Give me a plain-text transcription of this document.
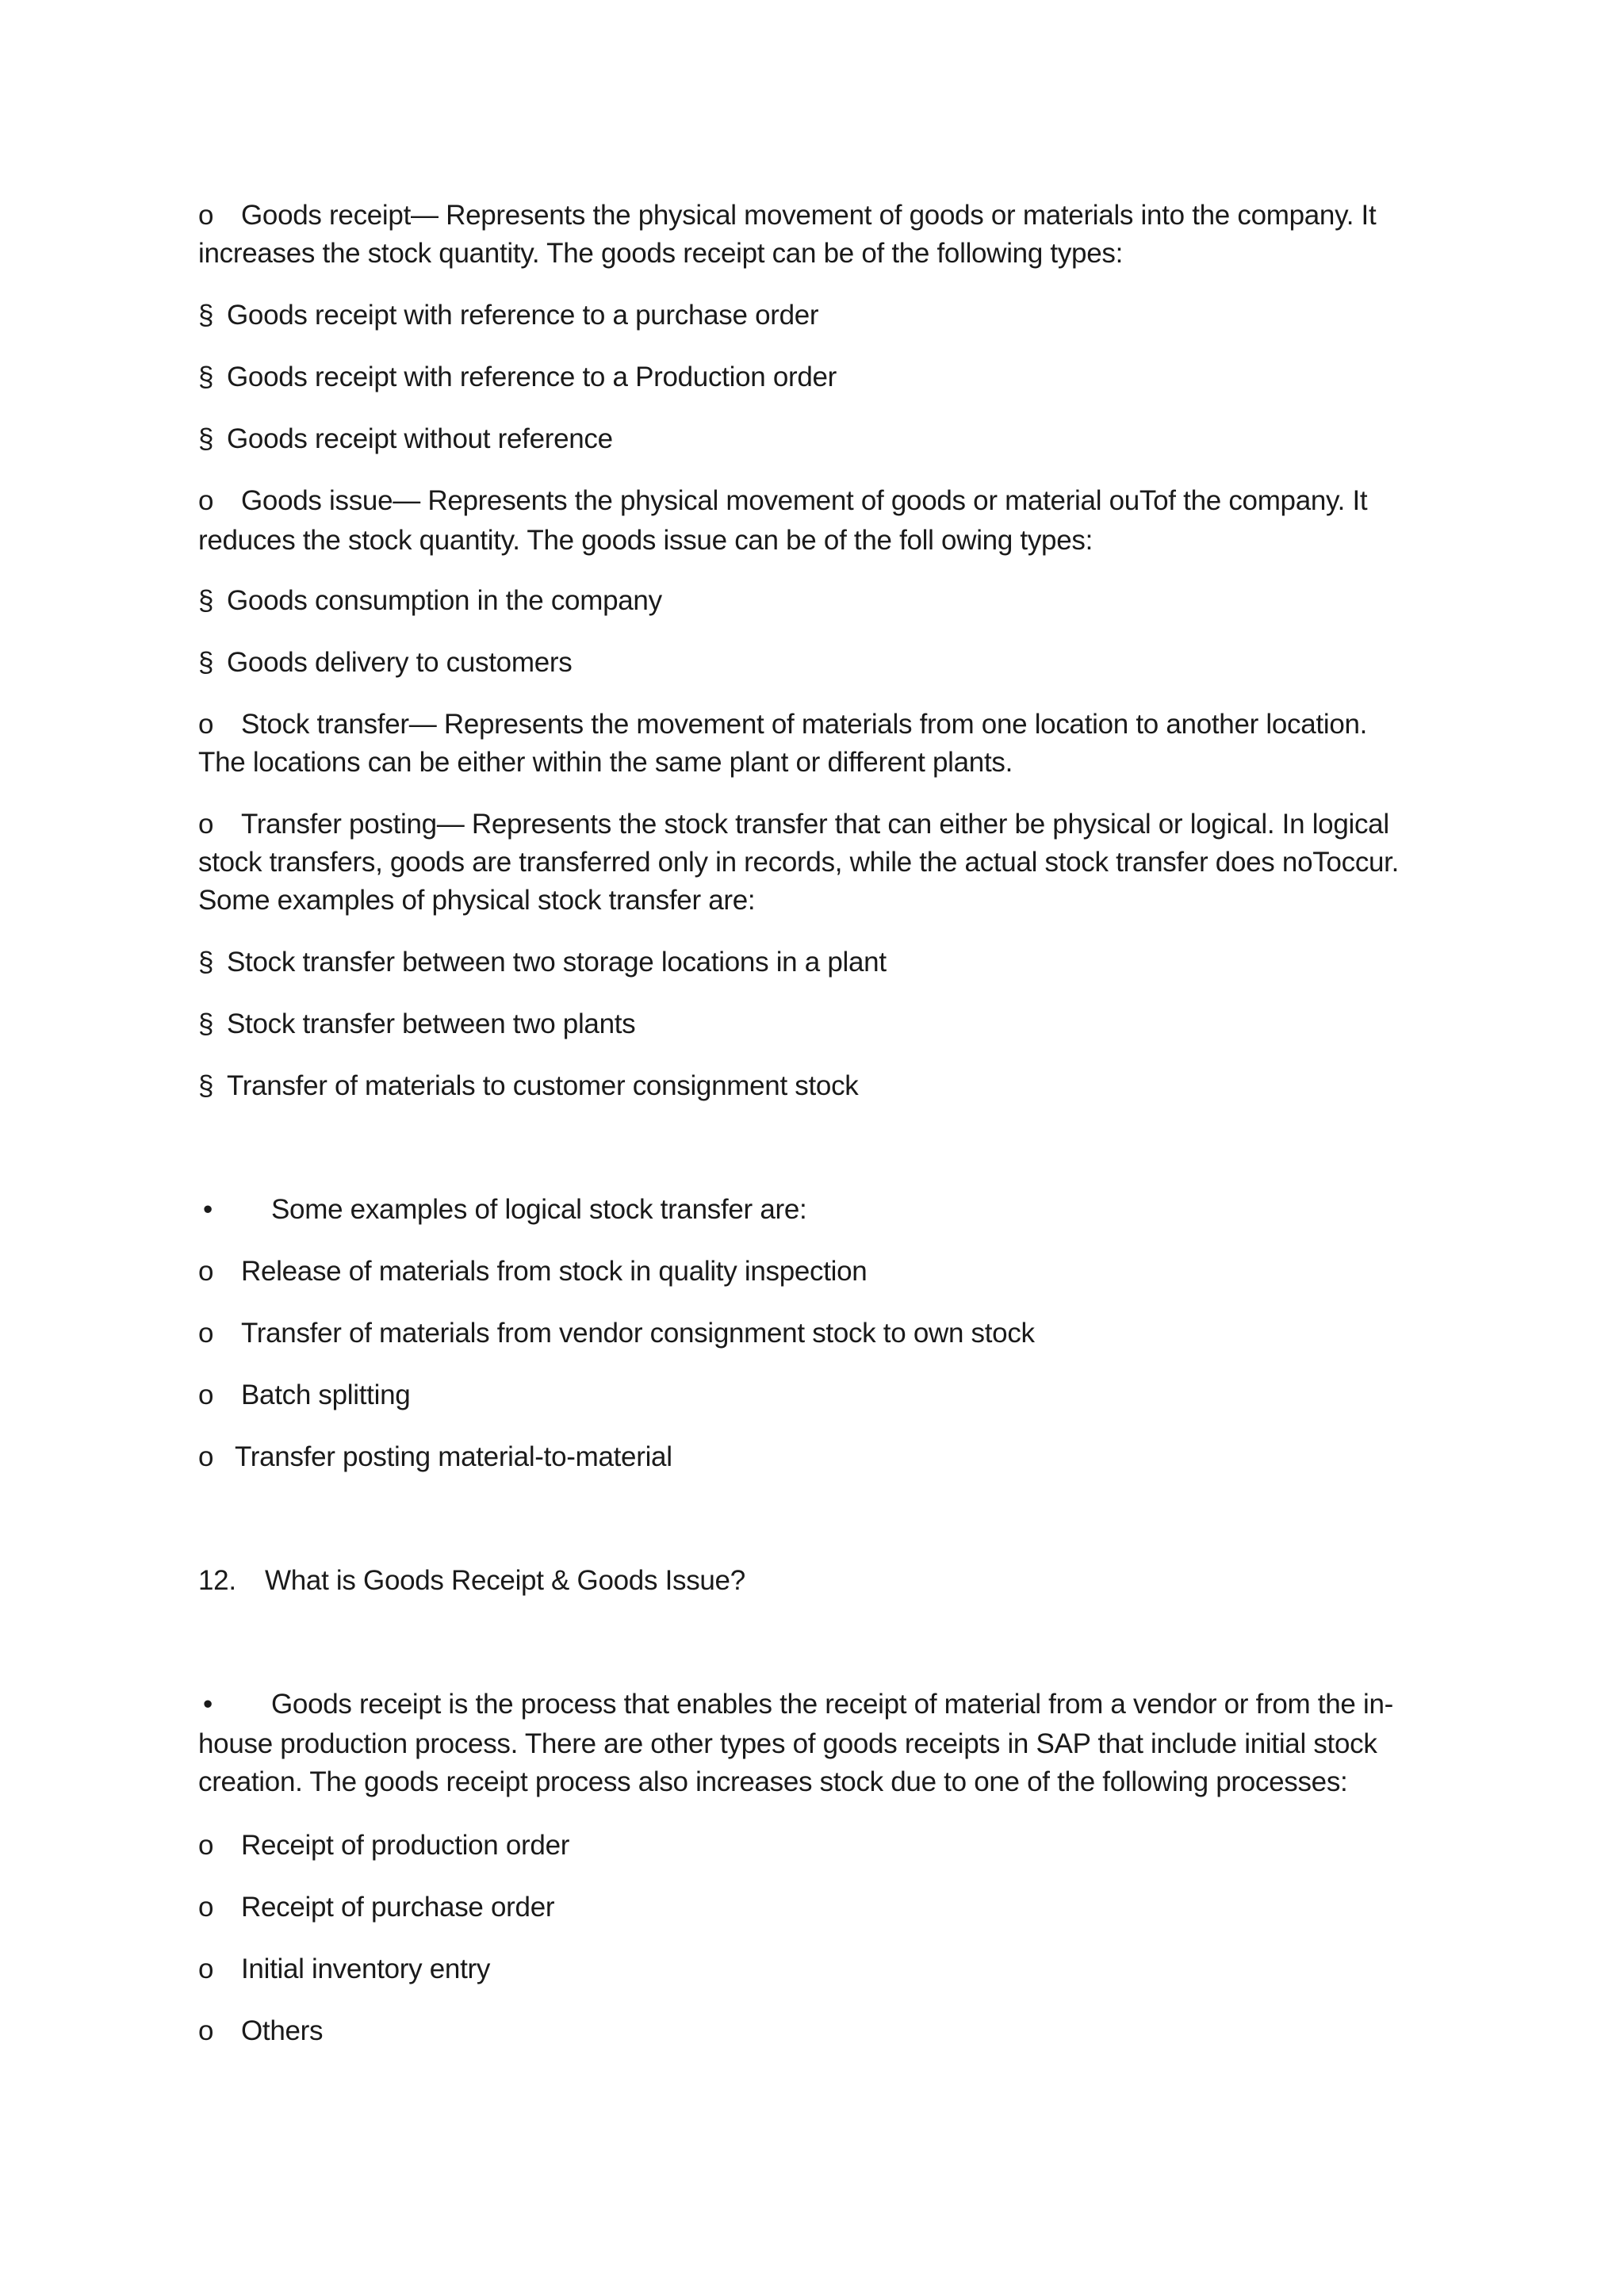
o Goods receipt— Represents the physical movement of goods or materials into the company. It
increases the stock quantity. The goods receipt can be of the following types:
§ Goods receipt with reference to a purchase order
§ Goods receipt with reference to a Production order
§ Goods receipt without reference
o Goods issue— Represents the physical movement of goods or material ouTof the company. It
reduces the stock quantity. The goods issue can be of the foll owing types:
§ Goods consumption in the company
§ Goods delivery to customers
o Stock transfer— Represents the movement of materials from one location to another location.
The locations can be either within the same plant or different plants.
o Transfer posting— Represents the stock transfer that can either be physical or logical. In logical
stock transfers, goods are transferred only in records, while the actual stock transfer does noToccur.
Some examples of physical stock transfer are:
§ Stock transfer between two storage locations in a plant
§ Stock transfer between two plants
§ Transfer of materials to customer consignment stock
• Some examples of logical stock transfer are:
o Release of materials from stock in quality inspection
o Transfer of materials from vendor consignment stock to own stock
o Batch splitting
o Transfer posting material-to-material
12. What is Goods Receipt & Goods Issue?
• Goods receipt is the process that enables the receipt of material from a vendor or from the in-
house production process. There are other types of goods receipts in SAP that include initial stock
creation. The goods receipt process also increases stock due to one of the following processes:
o Receipt of production order
o Receipt of purchase order
o Initial inventory entry
o Others
